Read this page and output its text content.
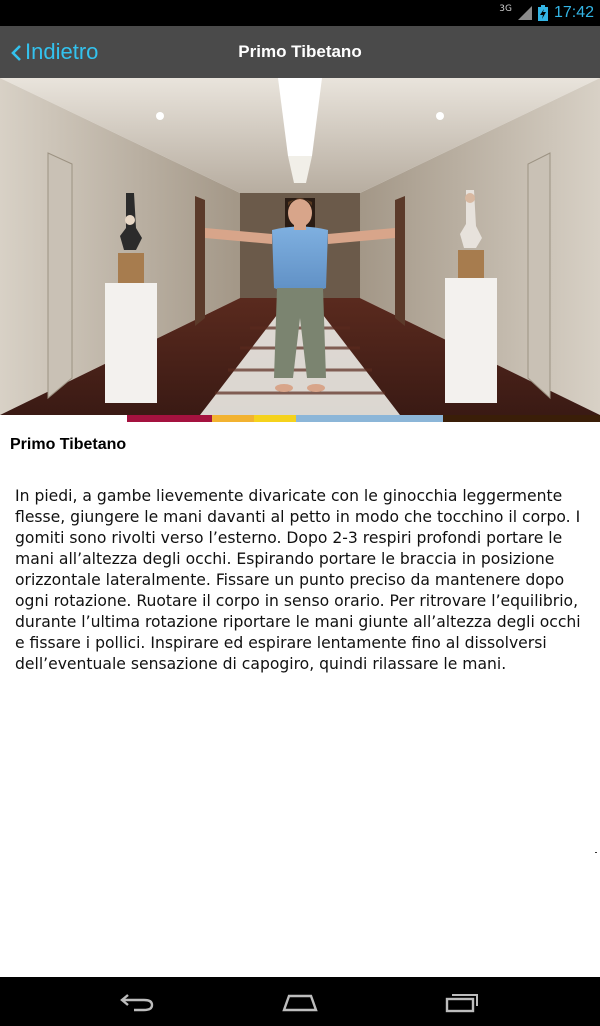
3G	17:42
Indietro	Primo Tibetano
Primo Tibetano

In piedi, a gambe lievemente divaricate con le ginocchia leggermente flesse, giungere le mani davanti al petto in modo che tocchino il corpo. I gomiti sono rivolti verso l’esterno. Dopo 2-3 respiri profondi portare le mani all’altezza degli occhi. Espirando portare le braccia in posizione orizzontale lateralmente. Fissare un punto preciso da mantenere dopo ogni rotazione. Ruotare il corpo in senso orario. Per ritrovare l’equilibrio, durante l’ultima rotazione riportare le mani giunte all’altezza degli occhi e fissare i pollici. Inspirare ed espirare lentamente fino al dissolversi dell’eventuale sensazione di capogiro, quindi rilassare le mani.
